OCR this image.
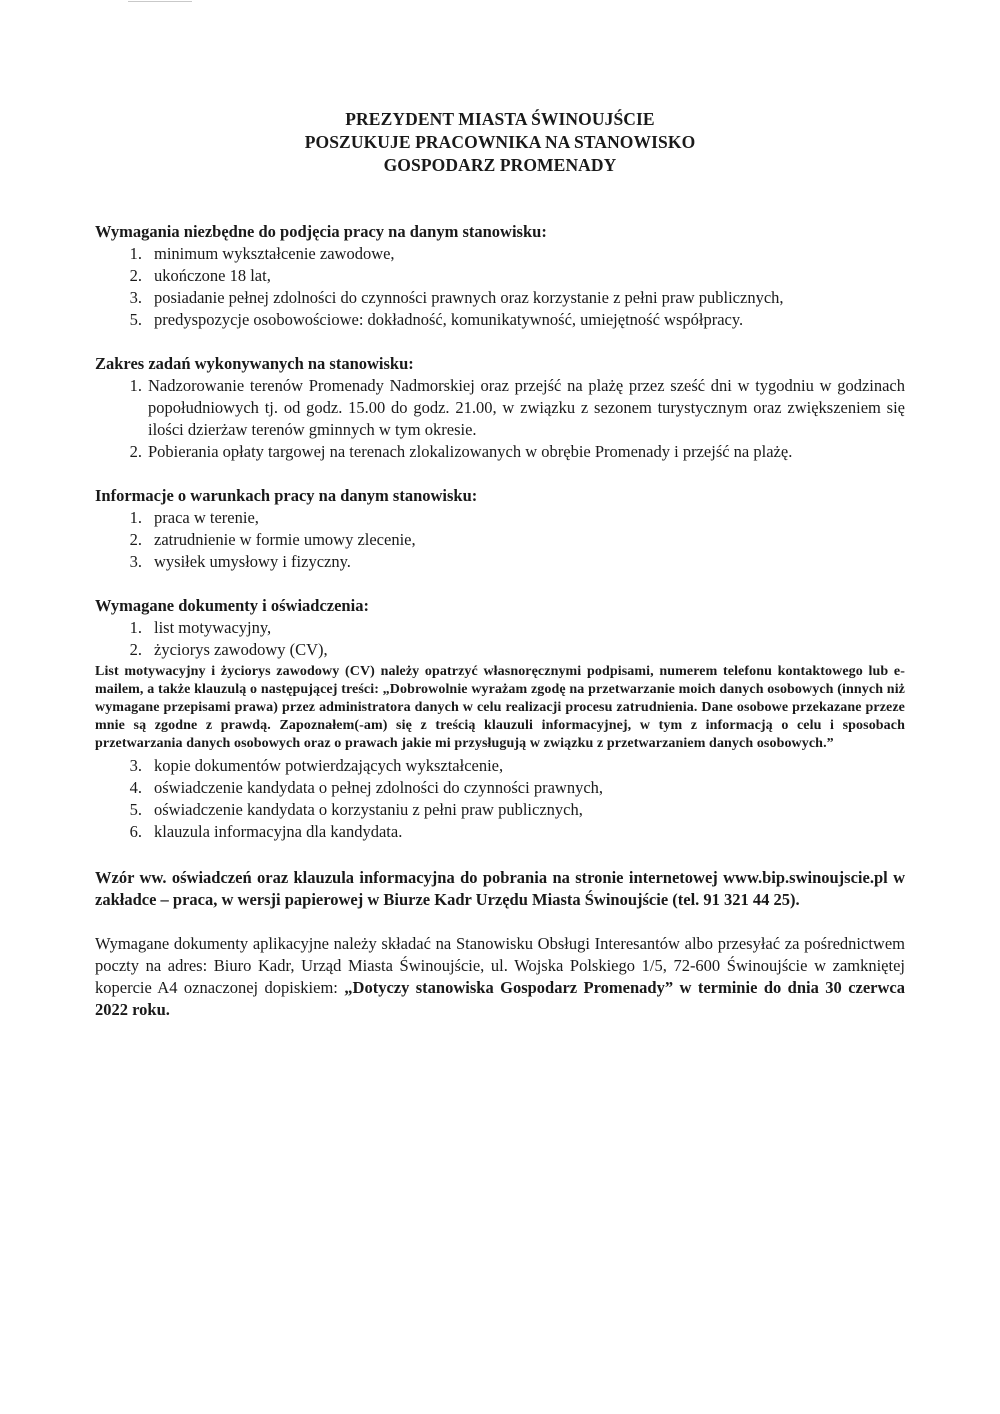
PREZYDENT MIASTA ŚWINOUJŚCIE
POSZUKUJE PRACOWNIKA NA STANOWISKO
GOSPODARZ PROMENADY

Wymagania niezbędne do podjęcia pracy na danym stanowisku:

1. minimum wykształcenie zawodowe,
2. ukończone 18 lat,
3. posiadanie pełnej zdolności do czynności prawnych oraz korzystanie z pełni praw publicznych,
5. predyspozycje osobowościowe: dokładność, komunikatywność, umiejętność współpracy.

Zakres zadań wykonywanych na stanowisku:

1. Nadzorowanie terenów Promenady Nadmorskiej oraz przejść na plażę przez sześć dni w tygodniu w godzinach popołudniowych tj. od godz. 15.00 do godz. 21.00, w związku z sezonem turystycznym oraz zwiększeniem się ilości dzierżaw terenów gminnych w tym okresie.
2. Pobierania opłaty targowej na terenach zlokalizowanych w obrębie Promenady i przejść na plażę.

Informacje o warunkach pracy na danym stanowisku:

1. praca w terenie,
2. zatrudnienie w formie umowy zlecenie,
3. wysiłek umysłowy i fizyczny.

Wymagane dokumenty i oświadczenia:

1. list motywacyjny,
2. życiorys zawodowy (CV),

List motywacyjny i życiorys zawodowy (CV) należy opatrzyć własnoręcznymi podpisami, numerem telefonu kontaktowego lub e-mailem, a także klauzulą o następującej treści: „Dobrowolnie wyrażam zgodę na przetwarzanie moich danych osobowych (innych niż wymagane przepisami prawa) przez administratora danych w celu realizacji procesu zatrudnienia. Dane osobowe przekazane przeze mnie są zgodne z prawdą. Zapoznałem(-am) się z treścią klauzuli informacyjnej, w tym z informacją o celu i sposobach przetwarzania danych osobowych oraz o prawach jakie mi przysługują w związku z przetwarzaniem danych osobowych.”

3. kopie dokumentów potwierdzających wykształcenie,
4. oświadczenie kandydata o pełnej zdolności do czynności prawnych,
5. oświadczenie kandydata o korzystaniu z pełni praw publicznych,
6. klauzula informacyjna dla kandydata.

Wzór ww. oświadczeń oraz klauzula informacyjna do pobrania na stronie internetowej www.bip.swinoujscie.pl w zakładce – praca, w wersji papierowej w Biurze Kadr Urzędu Miasta Świnoujście (tel. 91 321 44 25).

Wymagane dokumenty aplikacyjne należy składać na Stanowisku Obsługi Interesantów albo przesyłać za pośrednictwem poczty na adres: Biuro Kadr, Urząd Miasta Świnoujście, ul. Wojska Polskiego 1/5, 72-600 Świnoujście w zamkniętej kopercie A4 oznaczonej dopiskiem: „Dotyczy stanowiska Gospodarz Promenady” w terminie do dnia 30 czerwca 2022 roku.
